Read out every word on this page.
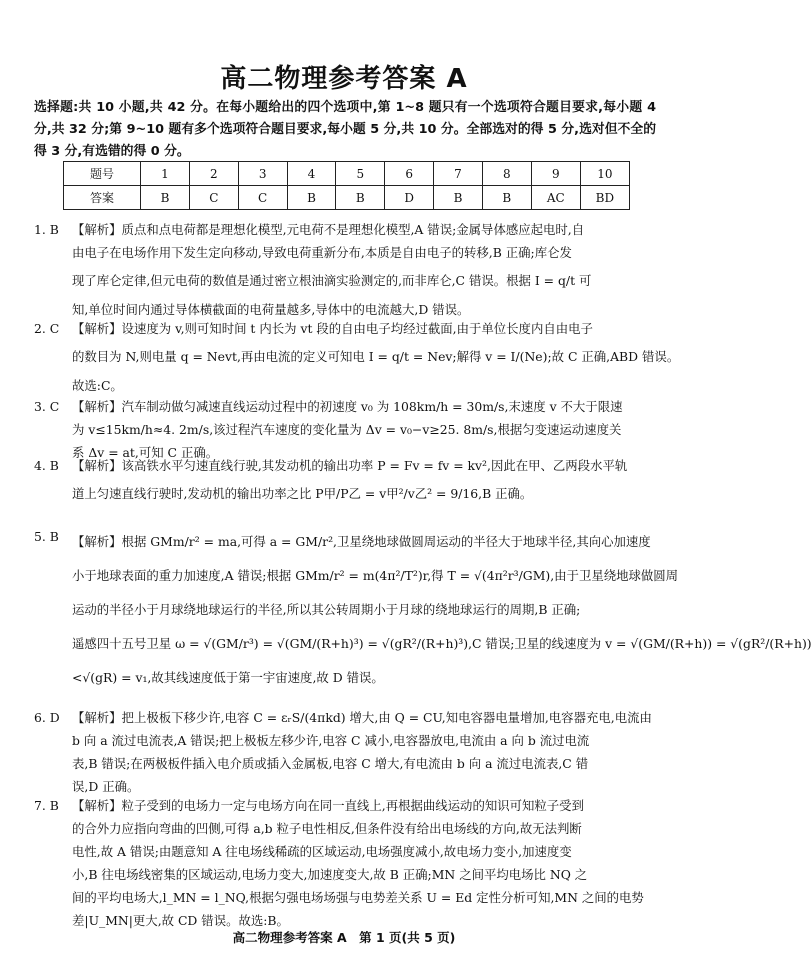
高二物理参考答案 A
选择题:共 10 小题,共 42 分。在每小题给出的四个选项中,第 1~8 题只有一个选项符合题目要求,每小题 4 分,共 32 分;第 9~10 题有多个选项符合题目要求,每小题 5 分,共 10 分。全部选对的得 5 分,选对但不全的得 3 分,有选错的得 0 分。
题号	1	2	3	4	5	6	7	8	9	10
答案	B	C	C	B	B	D	B	B	AC	BD
1. B	【解析】质点和点电荷都是理想化模型,元电荷不是理想化模型,A 错误;金属导体感应起电时,自
由电子在电场作用下发生定向移动,导致电荷重新分布,本质是自由电子的转移,B 正确;库仑发
现了库仑定律,但元电荷的数值是通过密立根油滴实验测定的,而非库仑,C 错误。根据 I = q/t 可
知,单位时间内通过导体横截面的电荷量越多,导体中的电流越大,D 错误。
2. C	【解析】设速度为 v,则可知时间 t 内长为 vt 段的自由电子均经过截面,由于单位长度内自由电子
的数目为 N,则电量 q = Nevt,再由电流的定义可知电 I = q/t = Nev;解得 v = I/(Ne);故 C 正确,ABD 错误。
故选:C。
3. C	【解析】汽车制动做匀减速直线运动过程中的初速度 v₀ 为 108km/h = 30m/s,末速度 v 不大于限速
为 v≤15km/h≈4. 2m/s,该过程汽车速度的变化量为 Δv = v₀−v≥25. 8m/s,根据匀变速运动速度关
系 Δv = at,可知 C 正确。
4. B	【解析】该高铁水平匀速直线行驶,其发动机的输出功率 P = Fv = fv = kv²,因此在甲、乙两段水平轨
道上匀速直线行驶时,发动机的输出功率之比 P甲/P乙 = v甲²/v乙² = 9/16,B 正确。
5. B	【解析】根据 GMm/r² = ma,可得 a = GM/r²,卫星绕地球做圆周运动的半径大于地球半径,其向心加速度
小于地球表面的重力加速度,A 错误;根据 GMm/r² = m(4π²/T²)r,得 T = √(4π²r³/GM),由于卫星绕地球做圆周
运动的半径小于月球绕地球运行的半径,所以其公转周期小于月球的绕地球运行的周期,B 正确;
遥感四十五号卫星 ω = √(GM/r³) = √(GM/(R+h)³) = √(gR²/(R+h)³),C 错误;卫星的线速度为 v = √(GM/(R+h)) = √(gR²/(R+h))
<√(gR) = v₁,故其线速度低于第一宇宙速度,故 D 错误。
6. D 【解析】把上极板下移少许,电容 C = εᵣS/(4πkd) 增大,由 Q = CU,知电容器电量增加,电容器充电,电流由
b 向 a 流过电流表,A 错误;把上极板左移少许,电容 C 减小,电容器放电,电流由 a 向 b 流过电流
表,B 错误;在两极板件插入电介质或插入金属板,电容 C 增大,有电流由 b 向 a 流过电流表,C 错
误,D 正确。
7. B	【解析】粒子受到的电场力一定与电场方向在同一直线上,再根据曲线运动的知识可知粒子受到
的合外力应指向弯曲的凹侧,可得 a,b 粒子电性相反,但条件没有给出电场线的方向,故无法判断
电性,故 A 错误;由题意知 A 往电场线稀疏的区域运动,电场强度减小,故电场力变小,加速度变
小,B 往电场线密集的区域运动,电场力变大,加速度变大,故 B 正确;MN 之间平均电场比 NQ 之
间的平均电场大,l_MN = l_NQ,根据匀强电场场强与电势差关系 U = Ed 定性分析可知,MN 之间的电势
差|U_MN|更大,故 CD 错误。故选:B。
高二物理参考答案 A　第 1 页(共 5 页)
